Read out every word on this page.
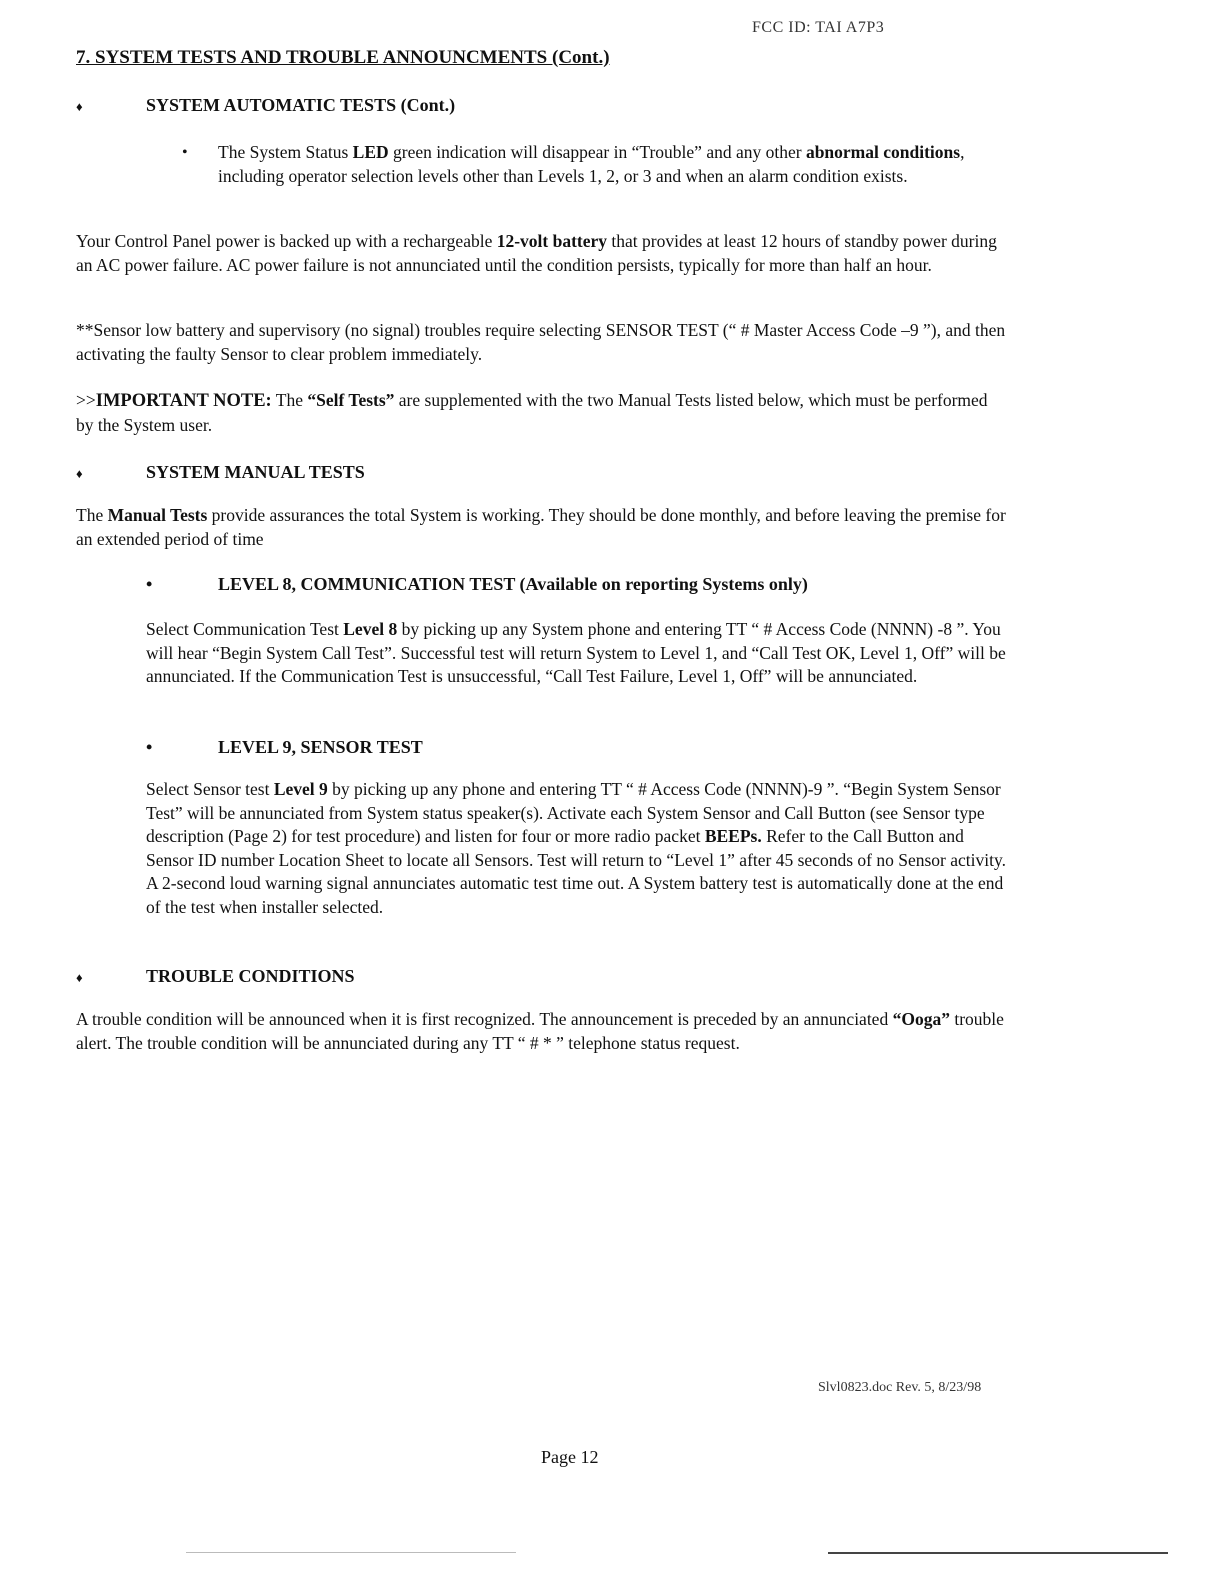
FCC ID: TAI A7P3
7. SYSTEM TESTS AND TROUBLE ANNOUNCMENTS (Cont.)
♦	SYSTEM AUTOMATIC TESTS (Cont.)
• The System Status LED green indication will disappear in “Trouble” and any other abnormal conditions, including operator selection levels other than Levels 1, 2, or 3 and when an alarm condition exists.
Your Control Panel power is backed up with a rechargeable 12-volt battery that provides at least 12 hours of standby power during an AC power failure. AC power failure is not annunciated until the condition persists, typically for more than half an hour.
**Sensor low battery and supervisory (no signal) troubles require selecting SENSOR TEST (“ # Master Access Code –9 ”), and then activating the faulty Sensor to clear problem immediately.
>>IMPORTANT NOTE: The “Self Tests” are supplemented with the two Manual Tests listed below, which must be performed by the System user.
♦	SYSTEM MANUAL TESTS
The Manual Tests provide assurances the total System is working. They should be done monthly, and before leaving the premise for an extended period of time
•	LEVEL 8, COMMUNICATION TEST (Available on reporting Systems only)
Select Communication Test Level 8 by picking up any System phone and entering TT “ # Access Code (NNNN) -8 ”. You will hear “Begin System Call Test”. Successful test will return System to Level 1, and “Call Test OK, Level 1, Off” will be annunciated. If the Communication Test is unsuccessful, “Call Test Failure, Level 1, Off” will be annunciated.
•	LEVEL 9, SENSOR TEST
Select Sensor test Level 9 by picking up any phone and entering TT “ # Access Code (NNNN)-9 ”. “Begin System Sensor Test” will be annunciated from System status speaker(s). Activate each System Sensor and Call Button (see Sensor type description (Page 2) for test procedure) and listen for four or more radio packet BEEPs. Refer to the Call Button and Sensor ID number Location Sheet to locate all Sensors. Test will return to “Level 1” after 45 seconds of no Sensor activity. A 2-second loud warning signal annunciates automatic test time out. A System battery test is automatically done at the end of the test when installer selected.
♦	TROUBLE CONDITIONS
A trouble condition will be announced when it is first recognized. The announcement is preceded by an annunciated “Ooga” trouble alert. The trouble condition will be annunciated during any TT “ # * ” telephone status request.
Slvl0823.doc Rev. 5, 8/23/98
Page 12
